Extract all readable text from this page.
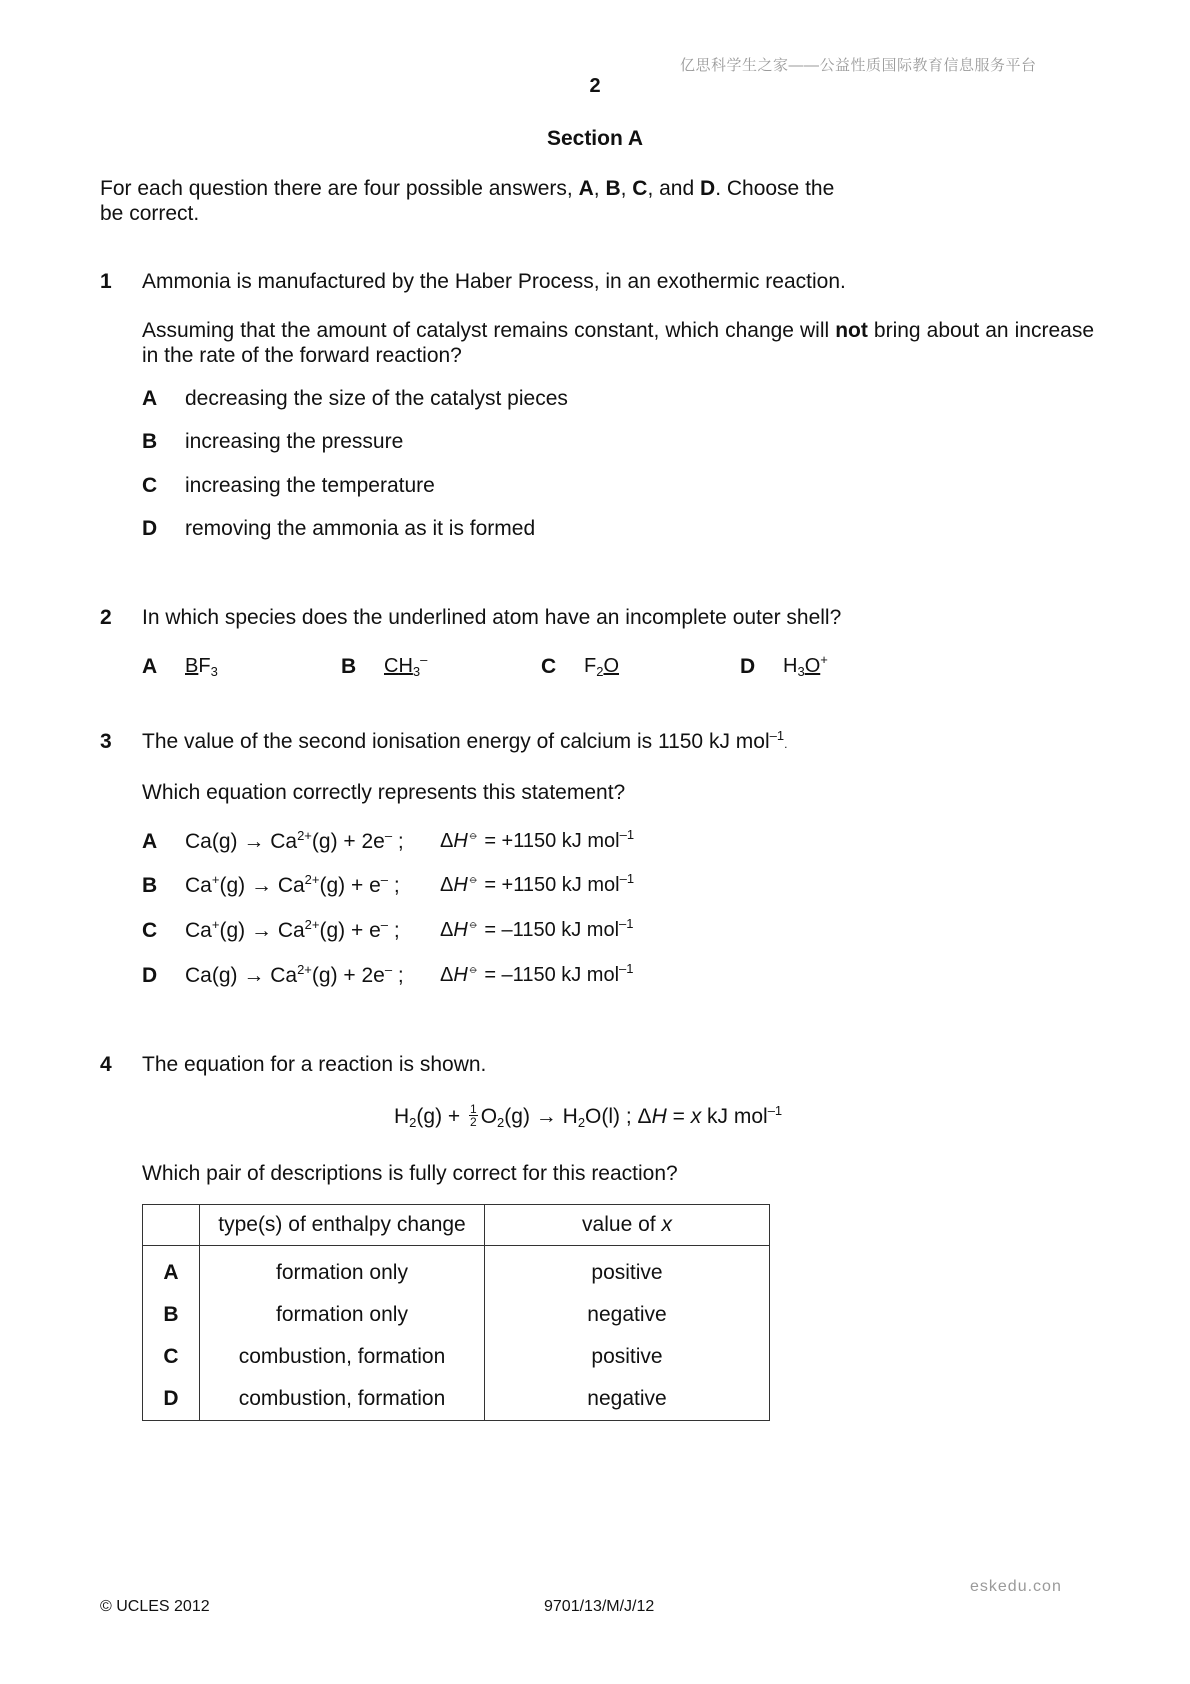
亿思科学生之家——公益性质国际教育信息服务平台
2
Section A
For each question there are four possible answers, A, B, C, and D. Choose the
be correct.
1 Ammonia is manufactured by the Haber Process, in an exothermic reaction.
Assuming that the amount of catalyst remains constant, which change will not bring about an increase in the rate of the forward reaction?
A decreasing the size of the catalyst pieces
B increasing the pressure
C increasing the temperature
D removing the ammonia as it is formed
2 In which species does the underlined atom have an incomplete outer shell?
A $BF_3$	B $CH_3^-$	C $F_2O$	D $H_3O^+$
3 The value of the second ionisation energy of calcium is 1150 kJ mol$^{-1}$.
Which equation correctly represents this statement?
A $Ca(g) \to Ca^{2+}(g) + 2e^-$ ; ΔH⦵ = +1150 kJ mol$^{-1}$
B $Ca^+(g) \to Ca^{2+}(g) + e^-$ ; ΔH⦵ = +1150 kJ mol$^{-1}$
C $Ca^+(g) \to Ca^{2+}(g) + e^-$ ; ΔH⦵ = –1150 kJ mol$^{-1}$
D $Ca(g) \to Ca^{2+}(g) + 2e^-$ ; ΔH⦵ = –1150 kJ mol$^{-1}$
4 The equation for a reaction is shown.
$H_2(g) + \frac{1}{2} O_2(g) \to H_2O(l)$ ; ΔH = x kJ mol$^{-1}$
Which pair of descriptions is fully correct for this reaction?
	type(s) of enthalpy change	value of x
A	formation only	positive
B	formation only	negative
C	combustion, formation	positive
D	combustion, formation	negative
eskedu.con
© UCLES 2012	9701/13/M/J/12
